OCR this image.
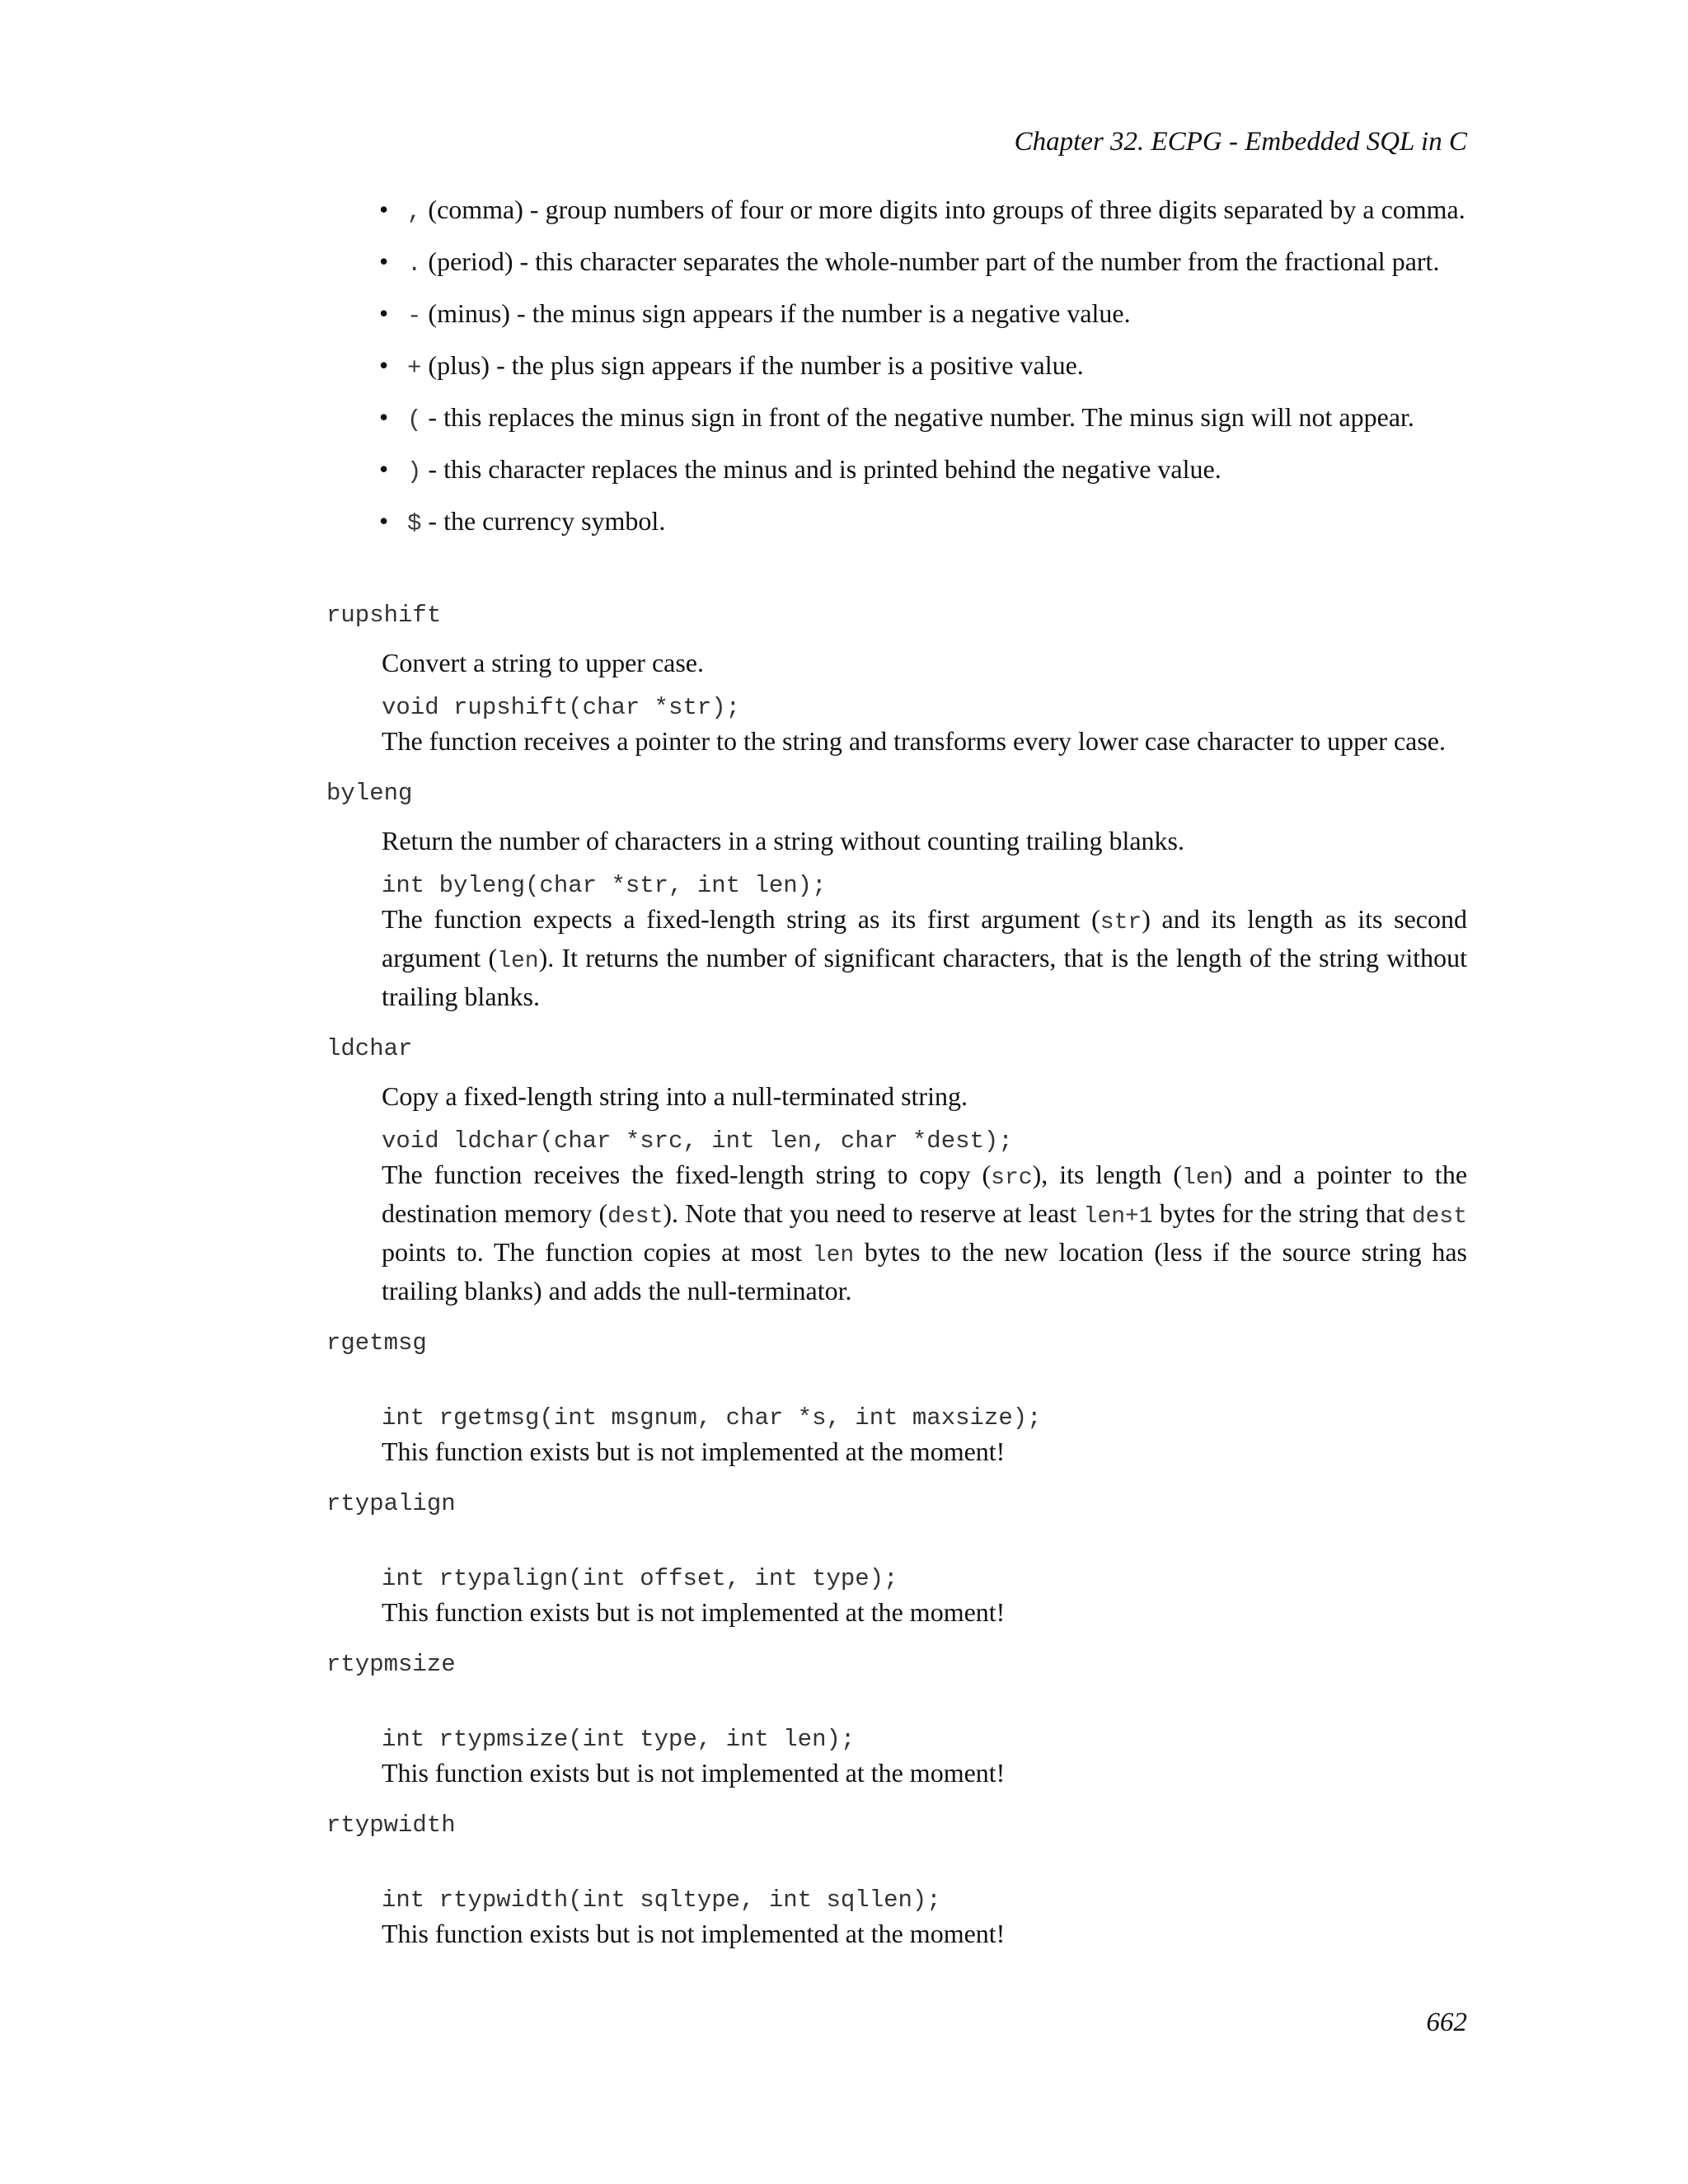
Chapter 32. ECPG - Embedded SQL in C
• , (comma) - group numbers of four or more digits into groups of three digits separated by a comma.
• . (period) - this character separates the whole-number part of the number from the fractional part.
• - (minus) - the minus sign appears if the number is a negative value.
• + (plus) - the plus sign appears if the number is a positive value.
• ( - this replaces the minus sign in front of the negative number. The minus sign will not appear.
• ) - this character replaces the minus and is printed behind the negative value.
• $ - the currency symbol.
rupshift

Convert a string to upper case.

void rupshift(char *str);

The function receives a pointer to the string and transforms every lower case character to upper case.

byleng

Return the number of characters in a string without counting trailing blanks.

int byleng(char *str, int len);

The function expects a fixed-length string as its first argument (str) and its length as its second argument (len). It returns the number of significant characters, that is the length of the string without trailing blanks.

ldchar

Copy a fixed-length string into a null-terminated string.

void ldchar(char *src, int len, char *dest);

The function receives the fixed-length string to copy (src), its length (len) and a pointer to the destination memory (dest). Note that you need to reserve at least len+1 bytes for the string that dest points to. The function copies at most len bytes to the new location (less if the source string has trailing blanks) and adds the null-terminator.

rgetmsg

int rgetmsg(int msgnum, char *s, int maxsize);

This function exists but is not implemented at the moment!

rtypalign

int rtypalign(int offset, int type);

This function exists but is not implemented at the moment!

rtypmsize

int rtypmsize(int type, int len);

This function exists but is not implemented at the moment!

rtypwidth

int rtypwidth(int sqltype, int sqllen);

This function exists but is not implemented at the moment!

662
